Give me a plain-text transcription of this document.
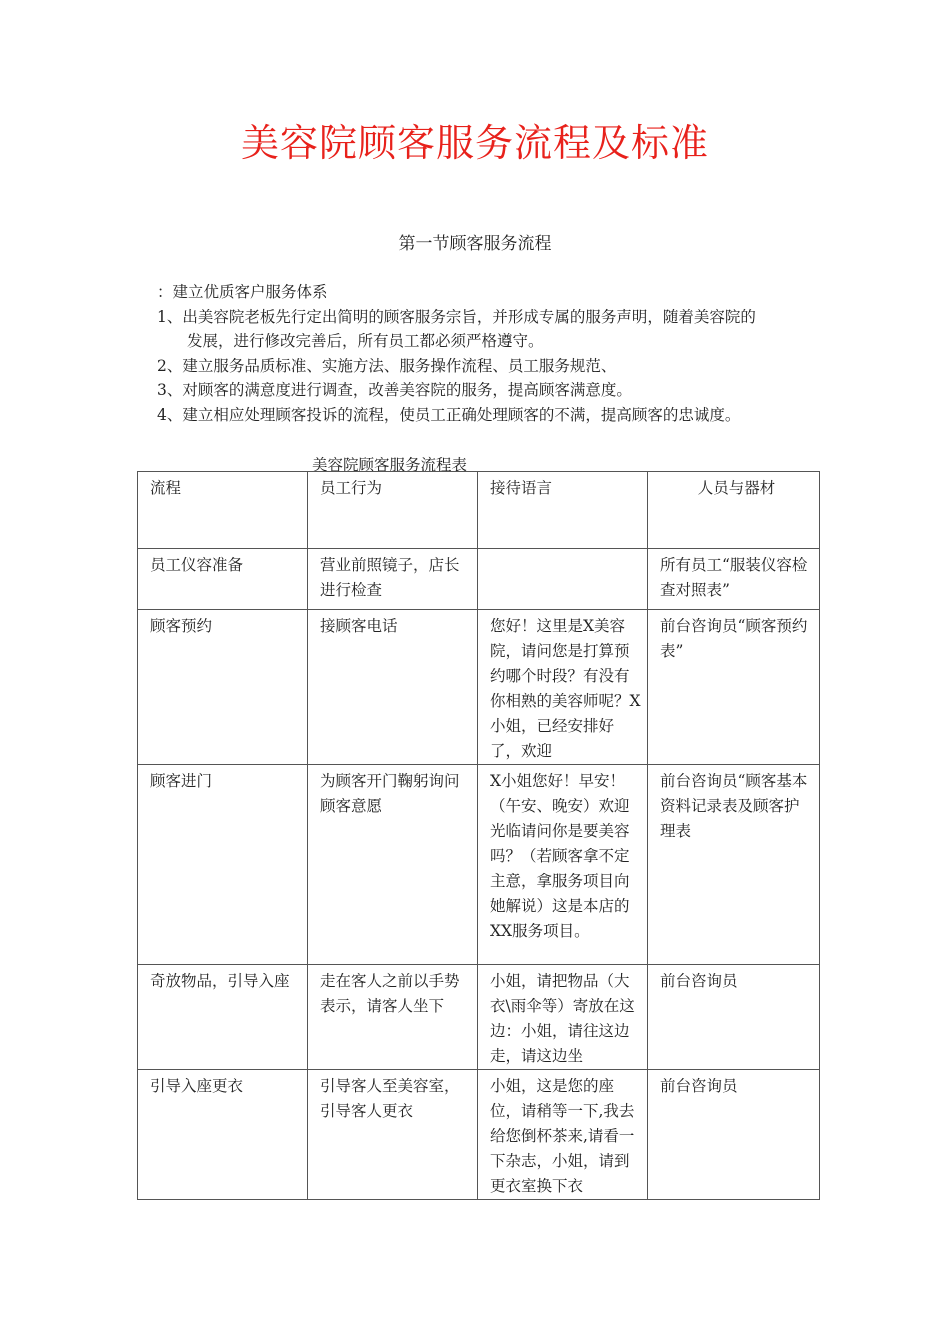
美容院顾客服务流程及标准
第一节顾客服务流程
：建立优质客户服务体系
1、出美容院老板先行定出简明的顾客服务宗旨，并形成专属的服务声明，随着美容院的
发展，进行修改完善后，所有员工都必须严格遵守。
2、建立服务品质标准、实施方法、服务操作流程、员工服务规范、
3、对顾客的满意度进行调查，改善美容院的服务，提高顾客满意度。
4、建立相应处理顾客投诉的流程，使员工正确处理顾客的不满，提高顾客的忠诚度。
美容院顾客服务流程表
流程	员工行为	接待语言	人员与器材
员工仪容准备	营业前照镜子，店长进行检查		所有员工“服装仪容检查对照表”
顾客预约	接顾客电话	您好！这里是X美容院，请问您是打算预约哪个时段？有没有你相熟的美容师呢？X小姐，已经安排好了，欢迎	前台咨询员“顾客预约表”
顾客进门	为顾客开门鞠躬询问顾客意愿	X小姐您好！早安！（午安、晚安）欢迎光临请问你是要美容吗？（若顾客拿不定主意，拿服务项目向她解说）这是本店的XX服务项目。	前台咨询员“顾客基本资料记录表及顾客护理表
奇放物品，引导入座	走在客人之前以手势表示，请客人坐下	小姐，请把物品（大衣\雨伞等）寄放在这边：小姐，请往这边走，请这边坐	前台咨询员
引导入座更衣	引导客人至美容室，引导客人更衣	小姐，这是您的座位，请稍等一下,我去给您倒杯茶来,请看一下杂志，小姐，请到更衣室换下衣	前台咨询员
